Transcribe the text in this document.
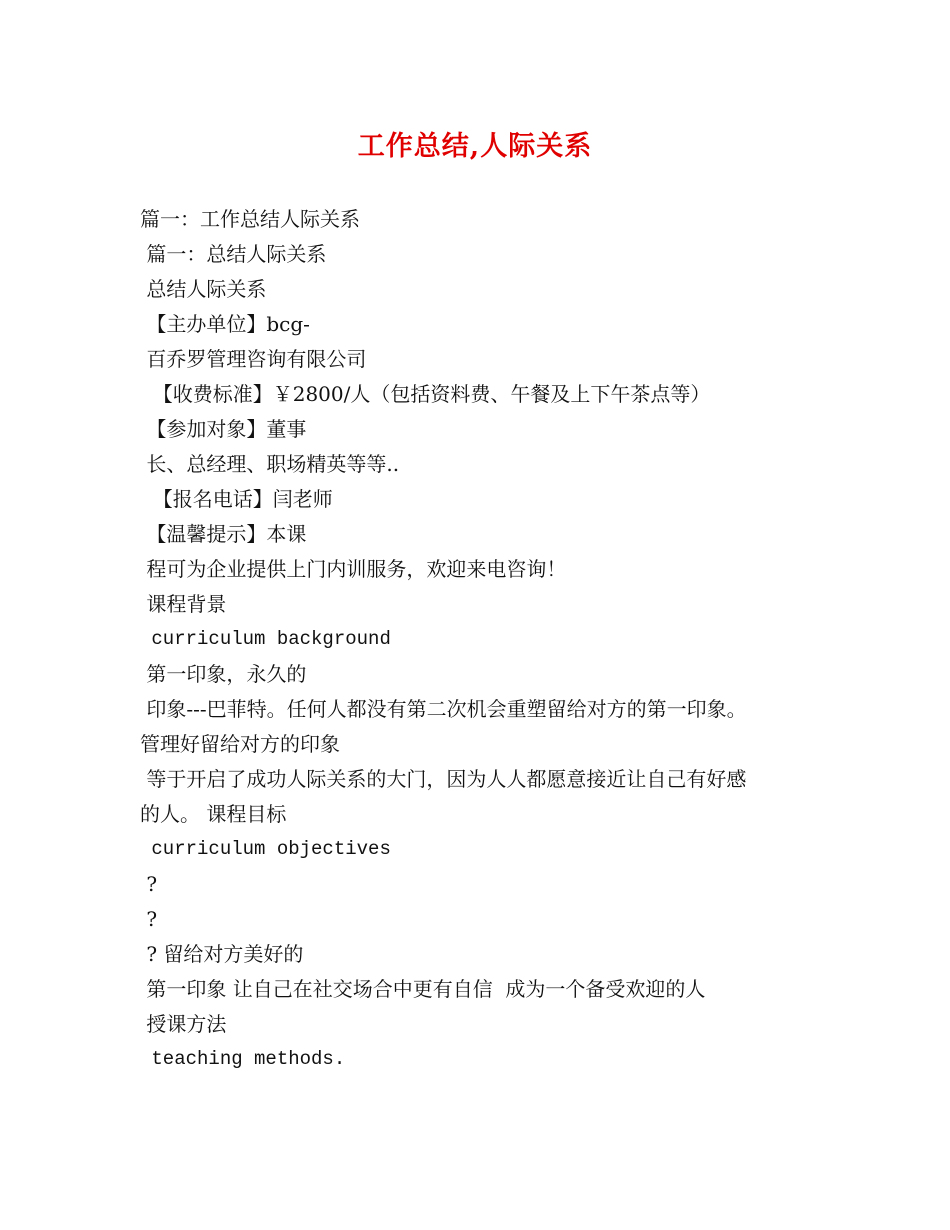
工作总结,人际关系
篇一：工作总结人际关系
篇一：总结人际关系
总结人际关系
【主办单位】bcg-
百乔罗管理咨询有限公司
【收费标准】￥2800/人（包括资料费、午餐及上下午茶点等）
【参加对象】董事
长、总经理、职场精英等等..
【报名电话】闫老师
【温馨提示】本课
程可为企业提供上门内训服务，欢迎来电咨询！
课程背景
curriculum background
第一印象，永久的
印象---巴菲特。任何人都没有第二次机会重塑留给对方的第一印象。
管理好留给对方的印象
等于开启了成功人际关系的大门，因为人人都愿意接近让自己有好感
的人。 课程目标
curriculum objectives
?
?
? 留给对方美好的
第一印象 让自己在社交场合中更有自信  成为一个备受欢迎的人
授课方法
teaching methods.
